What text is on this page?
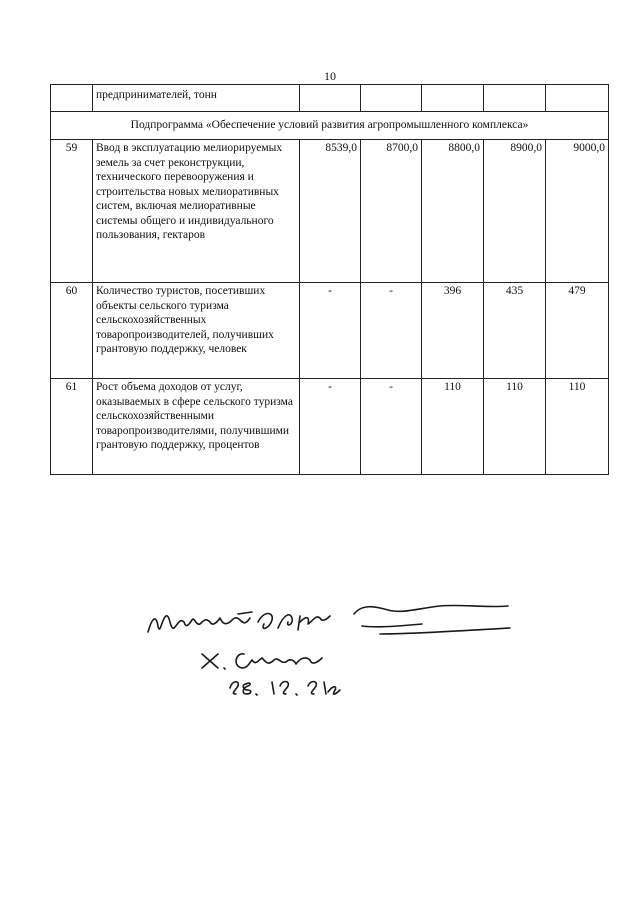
10
	предпринимателей, тонн					
Подпрограмма «Обеспечение условий развития агропромышленного комплекса»						
59	Ввод в эксплуатацию мелиорируемых земель за счет реконструкции, технического перевооружения и строительства новых мелиоративных систем, включая мелиоративные системы общего и индивидуального пользования, гектаров	8539,0	8700,0	8800,0	8900,0	9000,0
60	Количество туристов, посетивших объекты сельского туризма сельскохозяйственных товаропроизводителей, получивших грантовую поддержку, человек	-	-	396	435	479
61	Рост объема доходов от услуг, оказываемых в сфере сельского туризма сельскохозяйственными товаропроизводителями, получившими грантовую поддержку, процентов	-	-	110	110	110
